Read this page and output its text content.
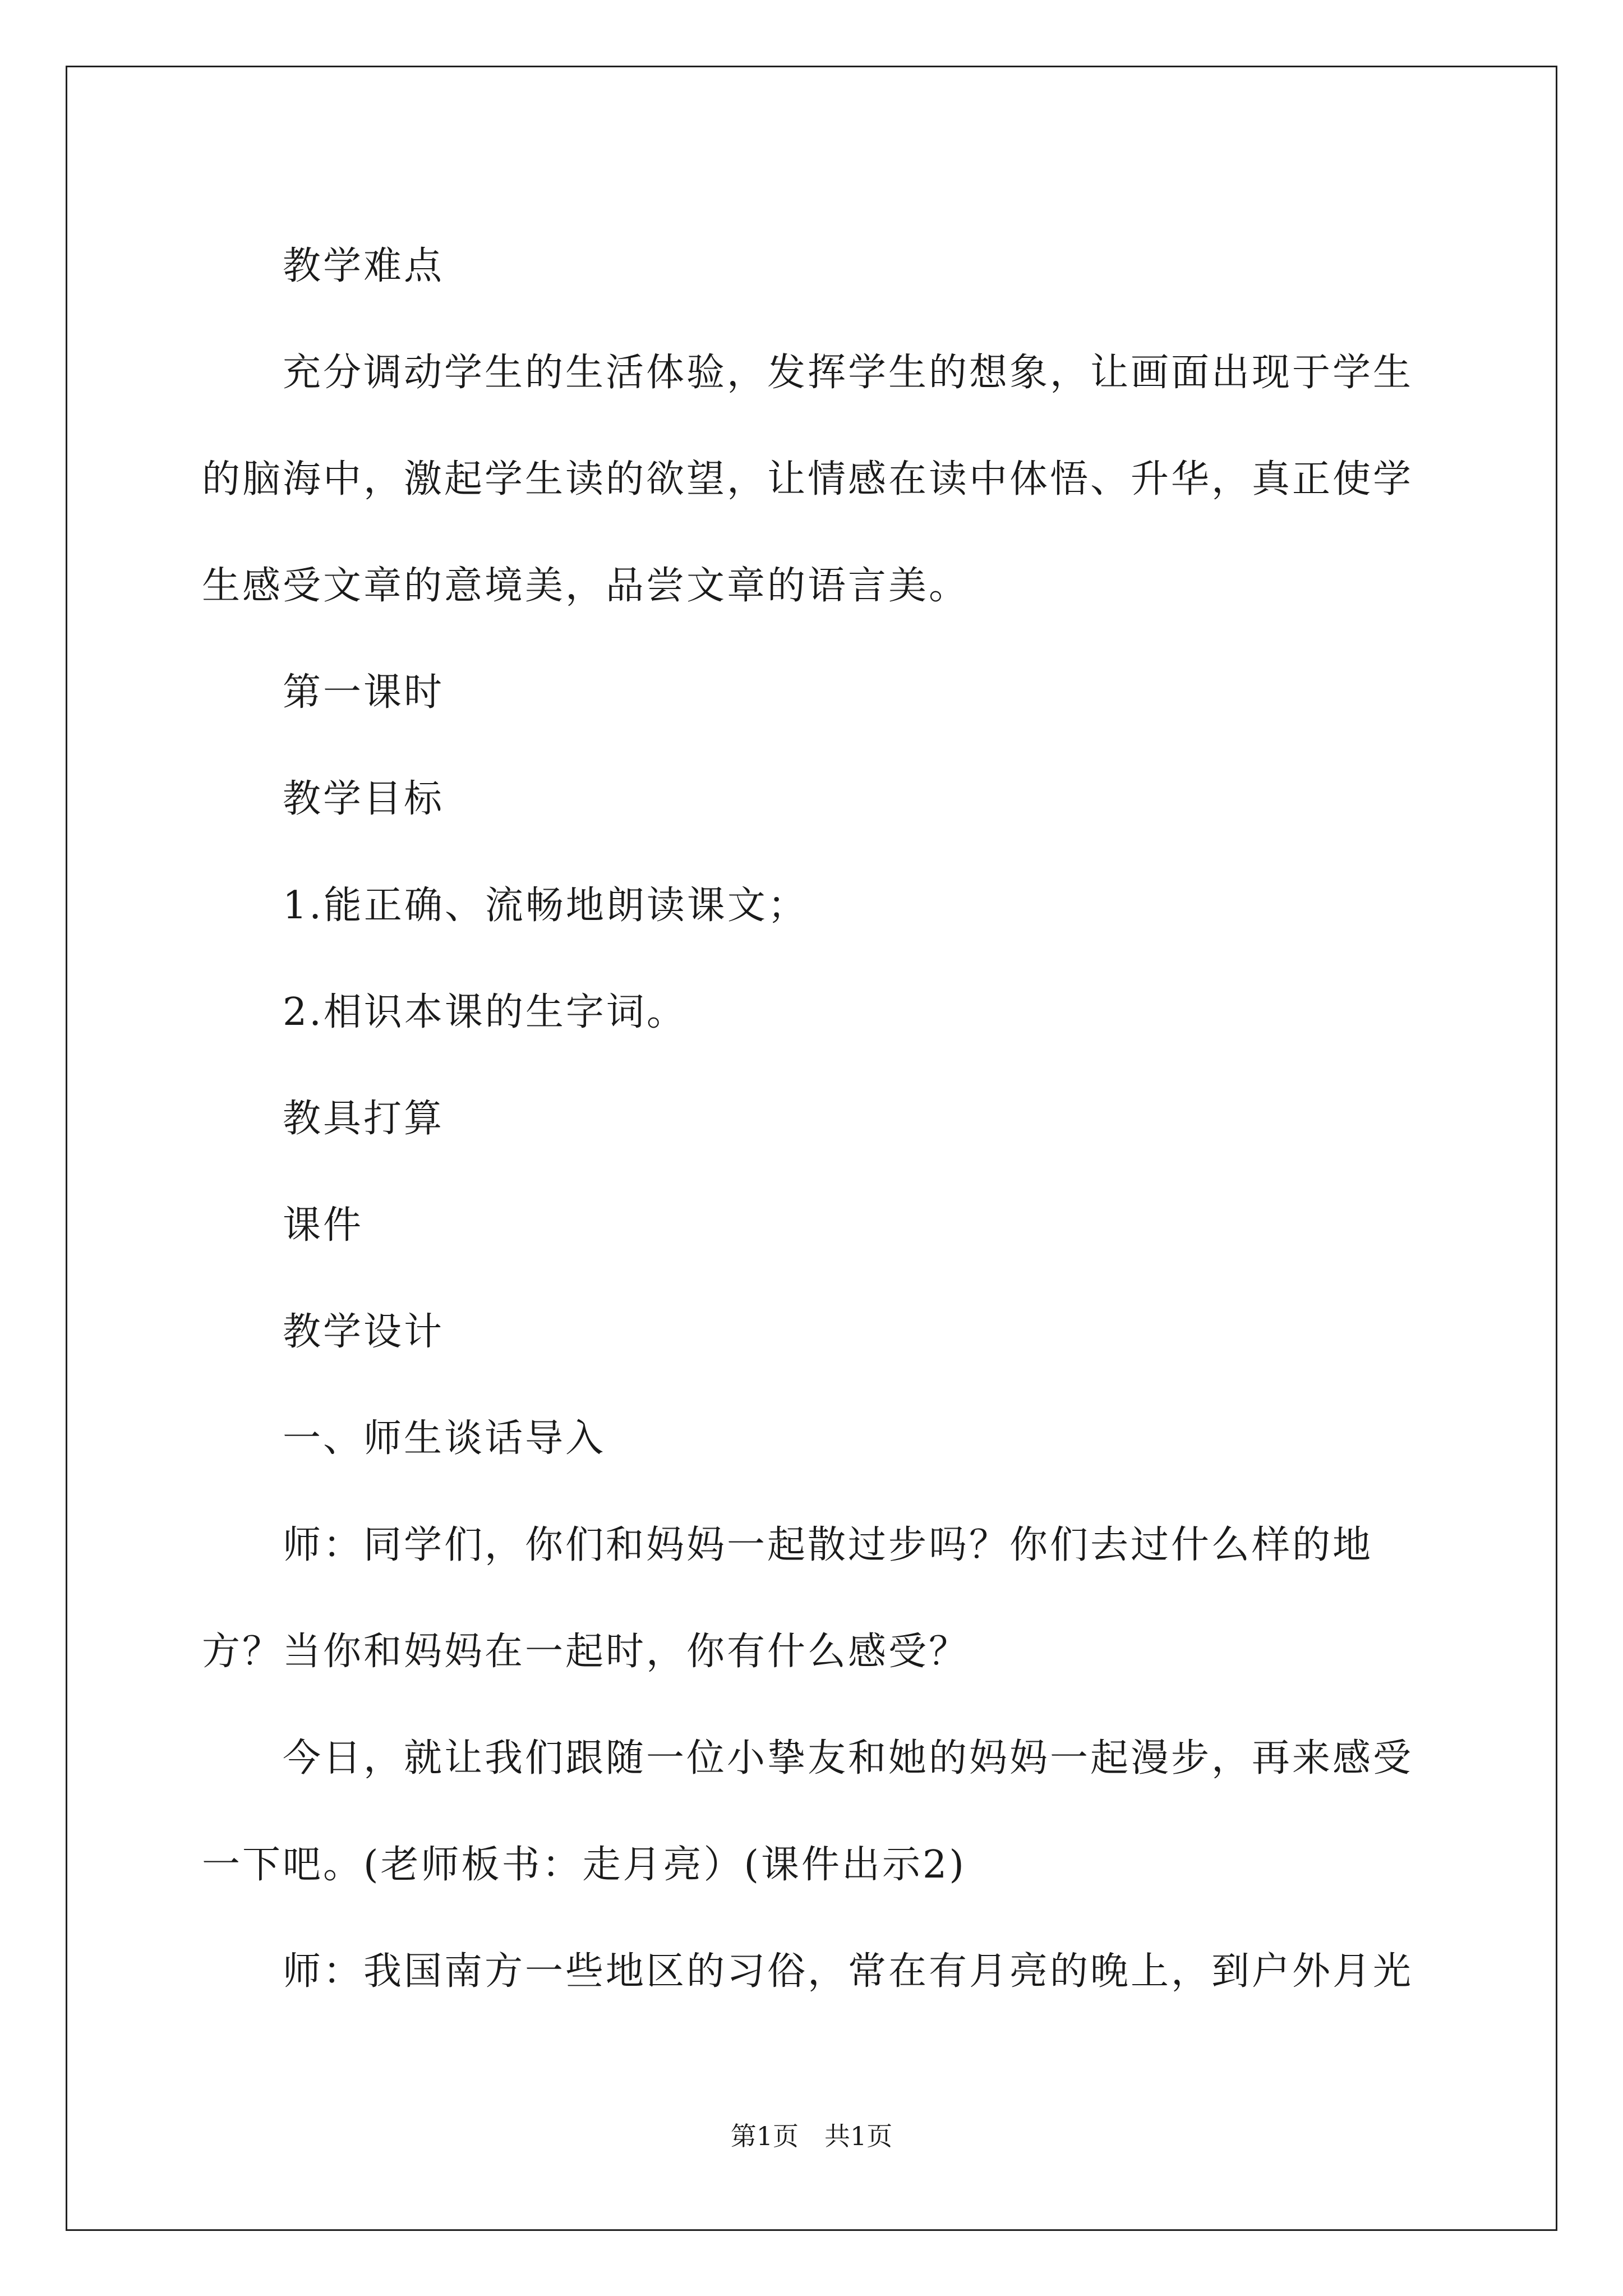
教学难点

充分调动学生的生活体验，发挥学生的想象，让画面出现于学生的脑海中，激起学生读的欲望，让情感在读中体悟、升华，真正使学生感受文章的意境美，品尝文章的语言美。

第一课时

教学目标

1.能正确、流畅地朗读课文；

2.相识本课的生字词。

教具打算

课件

教学设计

一、师生谈话导入

师：同学们，你们和妈妈一起散过步吗？你们去过什么样的地方？当你和妈妈在一起时，你有什么感受？

今日，就让我们跟随一位小挚友和她的妈妈一起漫步，再来感受一下吧。(老师板书：走月亮）(课件出示2)

师：我国南方一些地区的习俗，常在有月亮的晚上，到户外月光

第1页　共1页
